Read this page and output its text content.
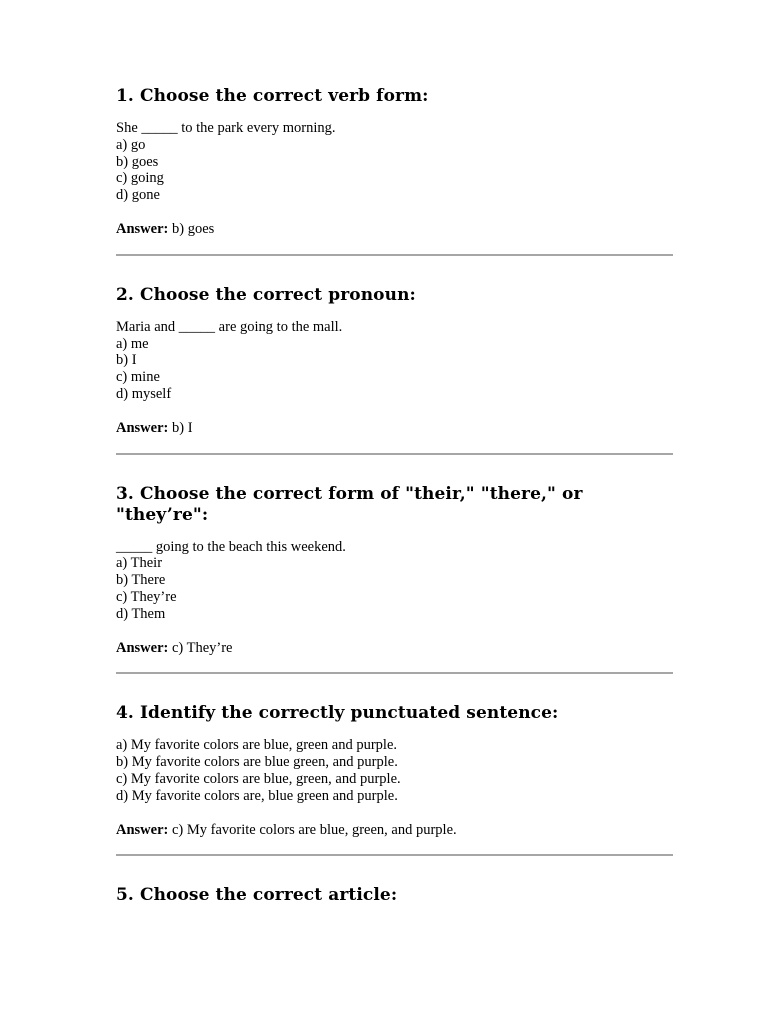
1. Choose the correct verb form:
She _____ to the park every morning.
a) go
b) goes
c) going
d) gone
Answer: b) goes
2. Choose the correct pronoun:
Maria and _____ are going to the mall.
a) me
b) I
c) mine
d) myself
Answer: b) I
3. Choose the correct form of "their," "there," or "they’re":
_____ going to the beach this weekend.
a) Their
b) There
c) They’re
d) Them
Answer: c) They’re
4. Identify the correctly punctuated sentence:
a) My favorite colors are blue, green and purple.
b) My favorite colors are blue green, and purple.
c) My favorite colors are blue, green, and purple.
d) My favorite colors are, blue green and purple.
Answer: c) My favorite colors are blue, green, and purple.
5. Choose the correct article:
